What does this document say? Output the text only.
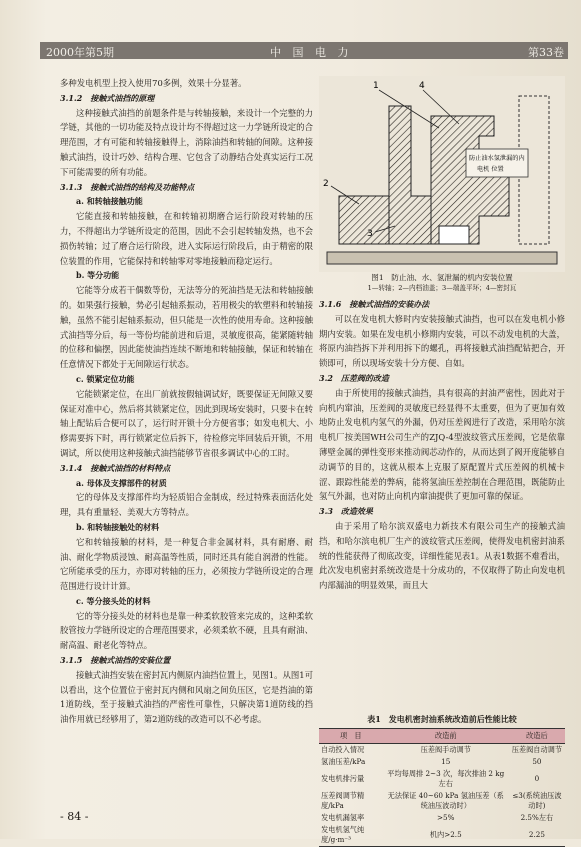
2000年第5期	中 国 电 力	第33卷

多种发电机型上投入使用70多例，效果十分显著。

3.1.2　接触式油挡的原理

这种接触式油挡的前题条件是与转轴接触，来设计一个完整的力学链，其他的一切功能及特点设计均不得超过这一力学链所设定的合理范围，才有可能和转轴接触得上，消除油挡和转轴的间隙。这种接触式油挡，设计巧妙、结构合理、它包含了动静结合处真实运行工况下可能需要的所有功能。

3.1.3　接触式油挡的结构及功能特点
a. 和转轴接触功能

它能直接和转轴接触，在和转轴初期磨合运行阶段对转轴的压力，不得超出力学链所设定的范围，因此不会引起转轴发热，也不会损伤转轴；过了磨合运行阶段，进入实际运行阶段后，由于精密的限位装置的作用，它能保持和转轴零对零地接触而稳定运行。

b. 等分功能

它能等分成若干偶数等份，无法等分的死油挡是无法和转轴接触的。如果强行接触，势必引起轴系振动，若用极尖的软塑料和转轴接触，虽然不能引起轴系振动，但只能是一次性的使用寿命。这种接触式油挡等分后，每一等份均能前进和后退，灵敏度很高，能紧随转轴的位移和偏摆，因此能使油挡连续不断地和转轴接触，保证和转轴在任意情况下都处于无间隙运行状态。

c. 锁紧定位功能

它能锁紧定位，在出厂前就按假轴调试好，既要保证无间隙又要保证对准中心，然后将其锁紧定位，因此到现场安装时，只要卡在转轴上配钻后合便可以了，运行时开锁十分方便省事；如发电机大、小修需要拆下时，再行锁紧定位后拆下，待检修完毕回装后开锁，不用调试，所以使用这种接触式油挡能够节省很多调试中心的工时。

3.1.4　接触式油挡的材料特点
a. 母体及支撑部件的材质

它的母体及支撑部件均为轻质铝合金制成，经过特殊表面活化处理，具有重量轻、美观大方等特点。

b. 和转轴接触处的材料

它和转轴接触的材料，是一种复合非金属材料，具有耐磨、耐油、耐化学物质浸蚀、耐高温等性质，同时还具有能自润滑的性能。它所能承受的压力，亦即对转轴的压力，必须按力学链所设定的合理范围进行设计计算。

c. 等分接头处的材料

它的等分接头处的材料也是靠一种柔软胶管来完成的，这种柔软胶管按力学链所设定的合理范围要求，必须柔软不硬，且具有耐油、耐高温、耐老化等特点。

3.1.5　接触式油挡的安装位置

接触式油挡安装在密封瓦内侧原内油挡位置上，见图1。从图1可以看出，这个位置位于密封瓦内侧和风扇之间负压区，它是挡油的第1道防线，至于接触式油挡的严密性可靠性，只解决第1道防线的挡油作用就已经够用了，第2道防线的改造可以不必考虑。

1	4
2
3
防止油水氢泄漏的内
电机 位置
图1　防止油、水、氢泄漏的机内安装位置
1—转轴；2—内档油盖；3—端盖平环；4—密封瓦
3.1.6　接触式油挡的安装办法

可以在发电机大修时内安装接触式油挡，也可以在发电机小修期内安装。如果在发电机小修期内安装，可以不动发电机的大盖，将原内油挡拆下并利用拆下的螺孔，再将接触式油挡配钻把合，开锁即可，所以现场安装十分方便、自如。

3.2　压差阀的改造

由于所使用的接触式油挡，具有很高的封油严密性，因此对于向机内窜油，压差阀的灵敏度已经显得不太重要，但为了更加有效地防止发电机内氢气的外漏，仍对压差阀进行了改造，采用哈尔滨电机厂按美国WH公司生产的ZJQ-4型波纹管式压差阀，它是依靠薄壁金属的弹性变形来推动阀芯动作的，从而达到了阀开度能够自动调节的目的，这就从根本上克服了原配置片式压差阀的机械卡涩、跟踪性能差的弊病，能将氢油压差控制在合理范围，既能防止氢气外漏，也对防止向机内窜油提供了更加可靠的保证。

3.3　改造效果

由于采用了哈尔滨双盛电力新技术有限公司生产的接触式油挡，和哈尔滨电机厂生产的波纹管式压差阀，使得发电机密封油系统的性能获得了彻底改变，详细性能见表1。从表1数据不难看出，此次发电机密封系统改造是十分成功的，不仅取得了防止向发电机内部漏油的明显效果，而且大

表1　发电机密封油系统改造前后性能比较
项　目	改造前	改造后
自动投入情况	压差阀手动调节	压差阀自动调节
氢油压差/kPa	15	50
发电机排污量	平均每周排 2~3 次，每次排油 2 kg 左右	0
压差阀调节精度/kPa	无法保证 40~60 kPa 氢油压差（系统油压波动时）	≤3(系统油压波动时)
发电机漏氢率	>5%	2.5%左右
发电机氢气纯度/g·m⁻³	机内>2.5	2.25
- 84 -
